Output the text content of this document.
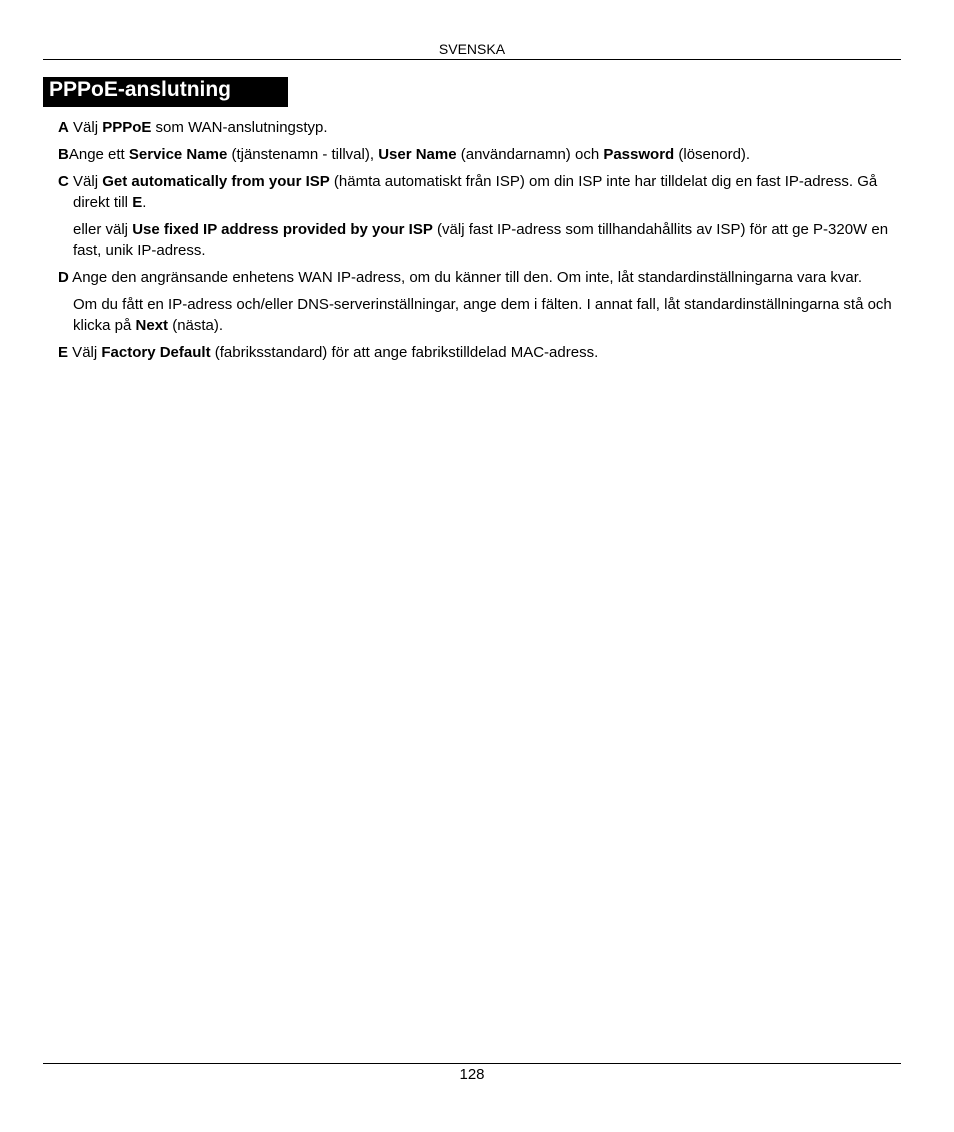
SVENSKA
PPPoE-anslutning

A Välj PPPoE som WAN-anslutningstyp.

BAnge ett Service Name (tjänstenamn - tillval), User Name (användarnamn) och Password (lösenord).

C Välj Get automatically from your ISP (hämta automatiskt från ISP) om din ISP inte har tilldelat dig en fast IP-adress. Gå direkt till E.

eller välj Use fixed IP address provided by your ISP (välj fast IP-adress som tillhandahållits av ISP) för att ge P-320W en fast, unik IP-adress.

D Ange den angränsande enhetens WAN IP-adress, om du känner till den. Om inte, låt standardinställningarna vara kvar.

Om du fått en IP-adress och/eller DNS-serverinställningar, ange dem i fälten. I annat fall, låt standardinställningarna stå och klicka på Next (nästa).

E Välj Factory Default (fabriksstandard) för att ange fabrikstilldelad MAC-adress.

128
